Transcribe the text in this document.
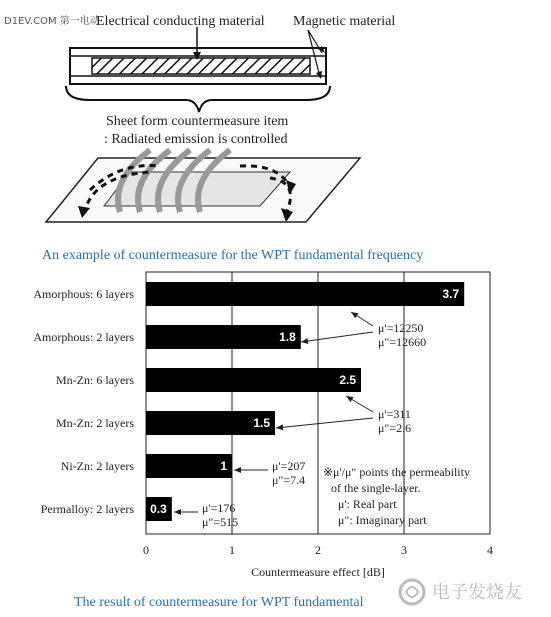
D1EV.COM 第一电动
Electrical conducting material Magnetic material
Sheet form countermeasure item
: Radiated emission is controlled
An example of countermeasure for the WPT fundamental frequency
3.7
1.8
2.5
1.5
1
0.3
Amorphous: 6 layers
Amorphous: 2 layers
Mn-Zn: 6 layers
Mn-Zn: 2 layers
Ni-Zn: 2 layers
Permalloy: 2 layers
0	1	2	3	4
μ'=12250
μ"=12660
μ'=311
μ"=2.6
μ'=207
μ"=7.4
μ'=176
μ"=515
Countermeasure effect [dB]
※μ'/μ" points the permeability
of the single-layer.
μ': Real part
μ": Imaginary part
电子发烧友
The result of countermeasure for WPT fundamental
